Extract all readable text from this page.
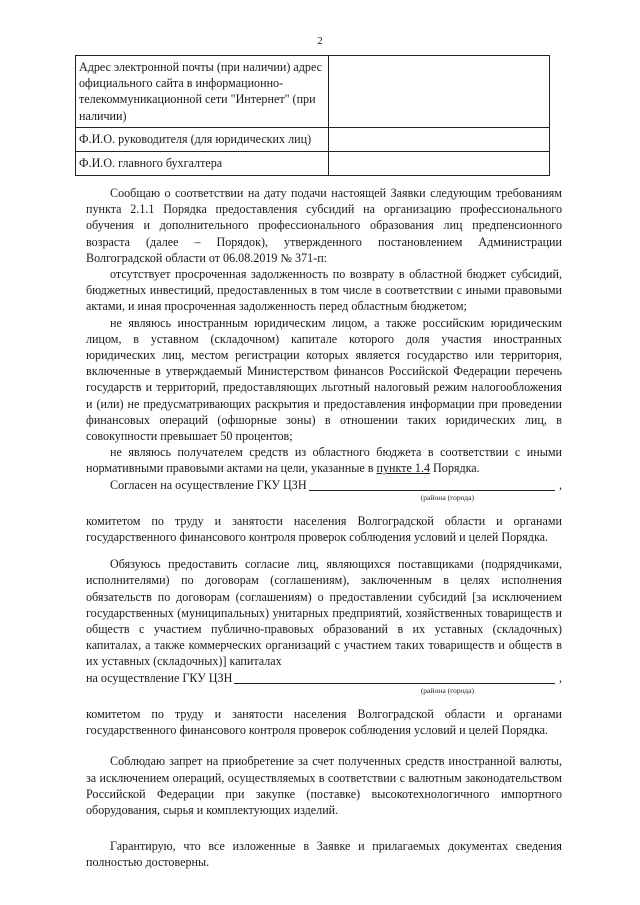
2
Адрес электронной почты (при наличии) адрес официального сайта в информационно-телекоммуникационной сети "Интернет" (при наличии)	
Ф.И.О. руководителя (для юридических лиц)	
Ф.И.О. главного бухгалтера	

Сообщаю о соответствии на дату подачи настоящей Заявки следующим требованиям пункта 2.1.1 Порядка предоставления субсидий на организацию профессионального обучения и дополнительного профессионального образования лиц предпенсионного возраста (далее – Порядок), утвержденного постановлением Администрации Волгоградской области от 06.08.2019 № 371-п:

отсутствует просроченная задолженность по возврату в областной бюджет субсидий, бюджетных инвестиций, предоставленных в том числе в соответствии с иными правовыми актами, и иная просроченная задолженность перед областным бюджетом;

не являюсь иностранным юридическим лицом, а также российским юридическим лицом, в уставном (складочном) капитале которого доля участия иностранных юридических лиц, местом регистрации которых является государство или территория, включенные в утверждаемый Министерством финансов Российской Федерации перечень государств и территорий, предоставляющих льготный налоговый режим налогообложения и (или) не предусматривающих раскрытия и предоставления информации при проведении финансовых операций (офшорные зоны) в отношении таких юридических лиц, в совокупности превышает 50 процентов;

не являюсь получателем средств из областного бюджета в соответствии с иными нормативными правовыми актами на цели, указанные в пункте 1.4 Порядка.

Согласен на осуществление ГКУ ЦЗН	,

(района (города)

комитетом по труду и занятости населения Волгоградской области и органами государственного финансового контроля проверок соблюдения условий и целей Порядка.

Обязуюсь предоставить согласие лиц, являющихся поставщиками (подрядчиками, исполнителями) по договорам (соглашениям), заключенным в целях исполнения обязательств по договорам (соглашениям) о предоставлении субсидий [за исключением государственных (муниципальных) унитарных предприятий, хозяйственных товариществ и обществ с участием публично-правовых образований в их уставных (складочных) капиталах, а также коммерческих организаций с участием таких товариществ и обществ в их уставных (складочных)] капиталах

на осуществление ГКУ ЦЗН	,

(района (города)

комитетом по труду и занятости населения Волгоградской области и органами государственного финансового контроля проверок соблюдения условий и целей Порядка.

Соблюдаю запрет на приобретение за счет полученных средств иностранной валюты, за исключением операций, осуществляемых в соответствии с валютным законодательством Российской Федерации при закупке (поставке) высокотехнологичного импортного оборудования, сырья и комплектующих изделий.

Гарантирую, что все изложенные в Заявке и прилагаемых документах сведения полностью достоверны.
